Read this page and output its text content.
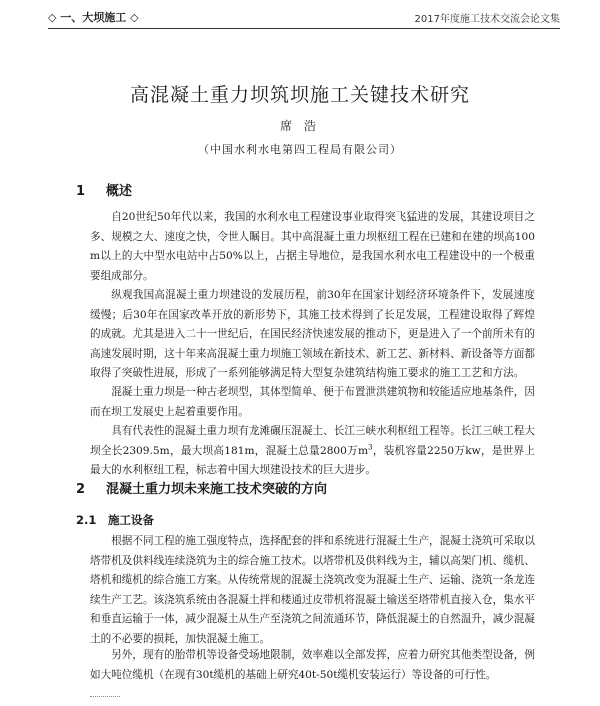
◇ 一、大坝施工 ◇	2017年度施工技术交流会论文集
高混凝土重力坝筑坝施工关键技术研究
席 浩
（中国水利水电第四工程局有限公司）
1 概述

自20世纪50年代以来，我国的水利水电工程建设事业取得突飞猛进的发展，其建设项目之多、规模之大、速度之快，令世人瞩目。其中高混凝土重力坝枢纽工程在已建和在建的坝高100m以上的大中型水电站中占50%以上，占据主导地位，是我国水利水电工程建设中的一个极重要组成部分。

纵观我国高混凝土重力坝建设的发展历程，前30年在国家计划经济环境条件下，发展速度缓慢；后30年在国家改革开放的新形势下，其施工技术得到了长足发展，工程建设取得了辉煌的成就。尤其是进入二十一世纪后，在国民经济快速发展的推动下，更是进入了一个前所未有的高速发展时期，这十年来高混凝土重力坝施工领域在新技术、新工艺、新材料、新设备等方面都取得了突破性进展，形成了一系列能够满足特大型复杂建筑结构施工要求的施工工艺和方法。

混凝土重力坝是一种古老坝型，其体型简单、便于布置泄洪建筑物和较能适应地基条件，因而在坝工发展史上起着重要作用。

具有代表性的混凝土重力坝有龙滩碾压混凝土、长江三峡水利枢纽工程等。长江三峡工程大坝全长2309.5m，最大坝高181m，混凝土总量2800万$m^3$，装机容量2250万kw，是世界上最大的水利枢纽工程，标志着中国大坝建设技术的巨大进步。

2 混凝土重力坝未来施工技术突破的方向
2.1 施工设备

根据不同工程的施工强度特点，选择配套的拌和系统进行混凝土生产，混凝土浇筑可采取以塔带机及供料线连续浇筑为主的综合施工技术。以塔带机及供料线为主，辅以高架门机、缆机、塔机和缆机的综合施工方案。从传统常规的混凝土浇筑改变为混凝土生产、运输、浇筑一条龙连续生产工艺。该浇筑系统由各混凝土拌和楼通过皮带机将混凝土输送至塔带机直接入仓，集水平和垂直运输于一体，减少混凝土从生产至浇筑之间流通环节，降低混凝土的自然温升，减少混凝土的不必要的损耗，加快混凝土施工。

另外，现有的胎带机等设备受场地限制，效率难以全部发挥，应着力研究其他类型设备，例如大吨位缆机（在现有30t缆机的基础上研究40t-50t缆机安装运行）等设备的可行性。
